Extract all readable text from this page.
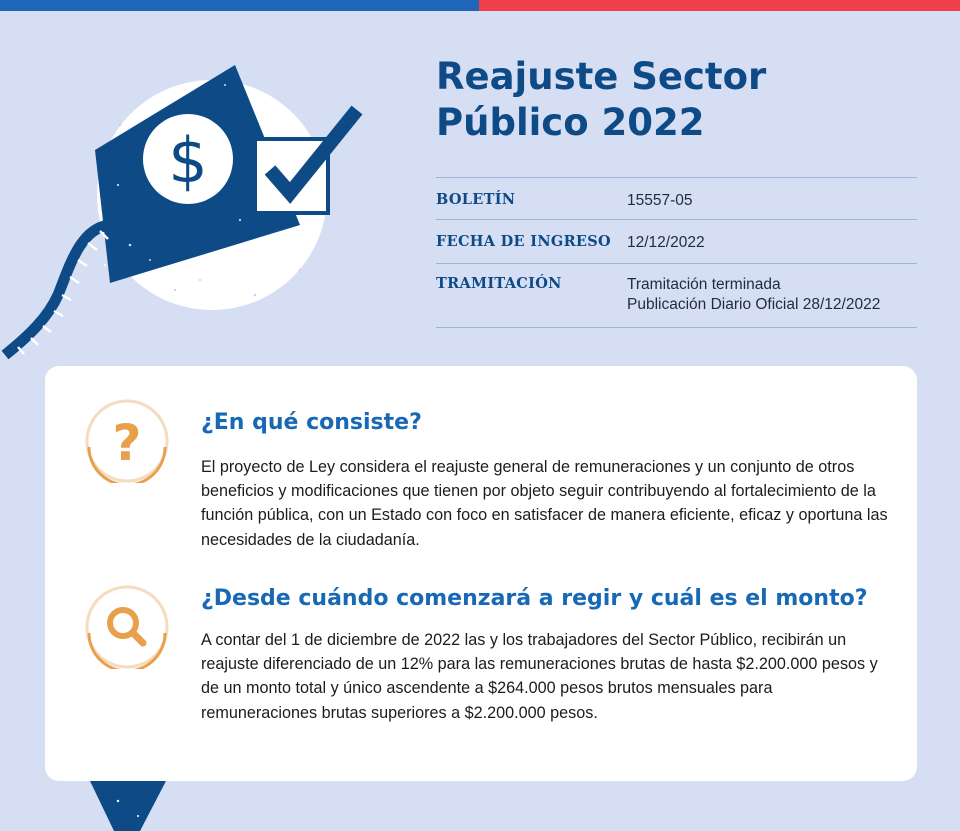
$
Reajuste Sector
Público 2022
BOLETÍN	15557-05
FECHA DE INGRESO	12/12/2022
TRAMITACIÓN	Tramitación terminada
Publicación Diario Oficial 28/12/2022
?	¿En qué consiste?

El proyecto de Ley considera el reajuste general de remuneraciones y un conjunto de otros beneficios y modificaciones que tienen por objeto seguir contribuyendo al fortalecimiento de la función pública, con un Estado con foco en satisfacer de manera eficiente, eficaz y oportuna las necesidades de la ciudadanía.

¿Desde cuándo comenzará a regir y cuál es el monto?

A contar del 1 de diciembre de 2022 las y los trabajadores del Sector Público, recibirán un reajuste diferenciado de un 12% para las remuneraciones brutas de hasta $2.200.000 pesos y de un monto total y único ascendente a $264.000 pesos brutos mensuales para remuneraciones brutas superiores a $2.200.000 pesos.
